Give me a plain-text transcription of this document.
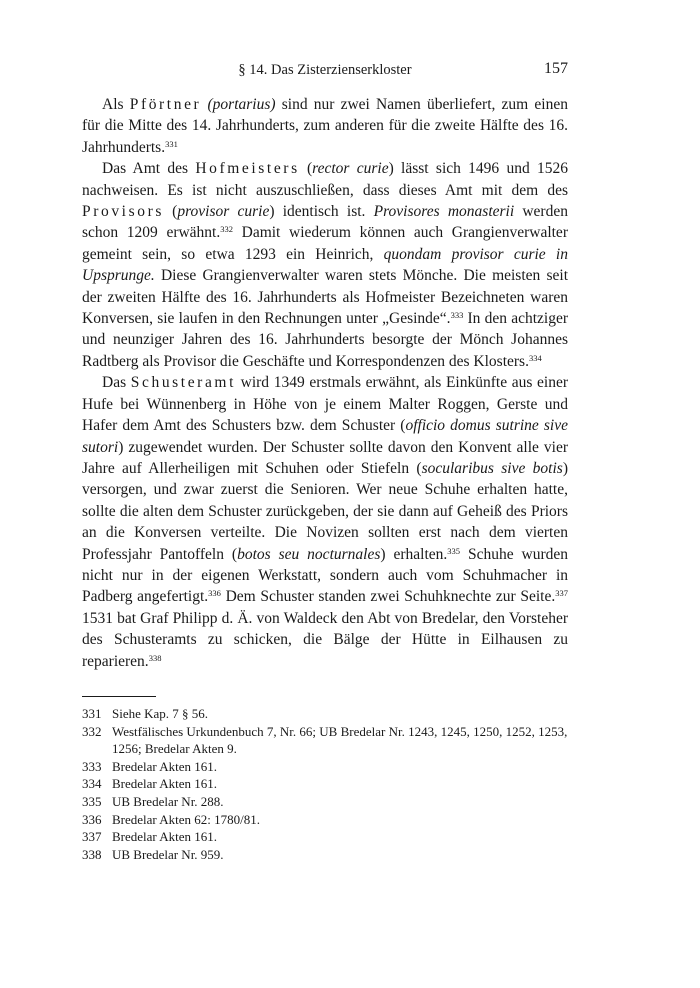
§ 14. Das Zisterzienserkloster	157

Als Pförtner (portarius) sind nur zwei Namen überliefert, zum einen für die Mitte des 14. Jahrhunderts, zum anderen für die zweite Hälfte des 16. Jahrhunderts.$^{331}$

Das Amt des Hofmeisters (rector curie) lässt sich 1496 und 1526 nachweisen. Es ist nicht auszuschließen, dass dieses Amt mit dem des Provisors (provisor curie) identisch ist. Provisores monasterii werden schon 1209 erwähnt.$^{332}$ Damit wiederum können auch Grangienverwalter gemeint sein, so etwa 1293 ein Heinrich, quondam provisor curie in Upsprunge. Diese Grangienverwalter waren stets Mönche. Die meisten seit der zweiten Hälfte des 16. Jahrhunderts als Hofmeister Bezeichneten waren Konversen, sie laufen in den Rechnungen unter „Gesinde“.$^{333}$ In den achtziger und neunziger Jahren des 16. Jahrhunderts besorgte der Mönch Johannes Radtberg als Provisor die Geschäfte und Korrespondenzen des Klosters.$^{334}$

Das Schusteramt wird 1349 erstmals erwähnt, als Einkünfte aus einer Hufe bei Wünnenberg in Höhe von je einem Malter Roggen, Gerste und Hafer dem Amt des Schusters bzw. dem Schuster (officio domus sutrine sive sutori) zugewendet wurden. Der Schuster sollte davon den Konvent alle vier Jahre auf Allerheiligen mit Schuhen oder Stiefeln (socularibus sive botis) versorgen, und zwar zuerst die Senioren. Wer neue Schuhe erhalten hatte, sollte die alten dem Schuster zurückgeben, der sie dann auf Geheiß des Priors an die Konversen verteilte. Die Novizen sollten erst nach dem vierten Professjahr Pantoffeln (botos seu nocturnales) erhalten.$^{335}$ Schuhe wurden nicht nur in der eigenen Werkstatt, sondern auch vom Schuhmacher in Padberg angefertigt.$^{336}$ Dem Schuster standen zwei Schuhknechte zur Seite.$^{337}$ 1531 bat Graf Philipp d. Ä. von Waldeck den Abt von Bredelar, den Vorsteher des Schusteramts zu schicken, die Bälge der Hütte in Eilhausen zu reparieren.$^{338}$

331 Siehe Kap. 7 § 56.
332 Westfälisches Urkundenbuch 7, Nr. 66; UB Bredelar Nr. 1243, 1245, 1250, 1252, 1253, 1256; Bredelar Akten 9.
333 Bredelar Akten 161.
334 Bredelar Akten 161.
335 UB Bredelar Nr. 288.
336 Bredelar Akten 62: 1780/81.
337 Bredelar Akten 161.
338 UB Bredelar Nr. 959.
